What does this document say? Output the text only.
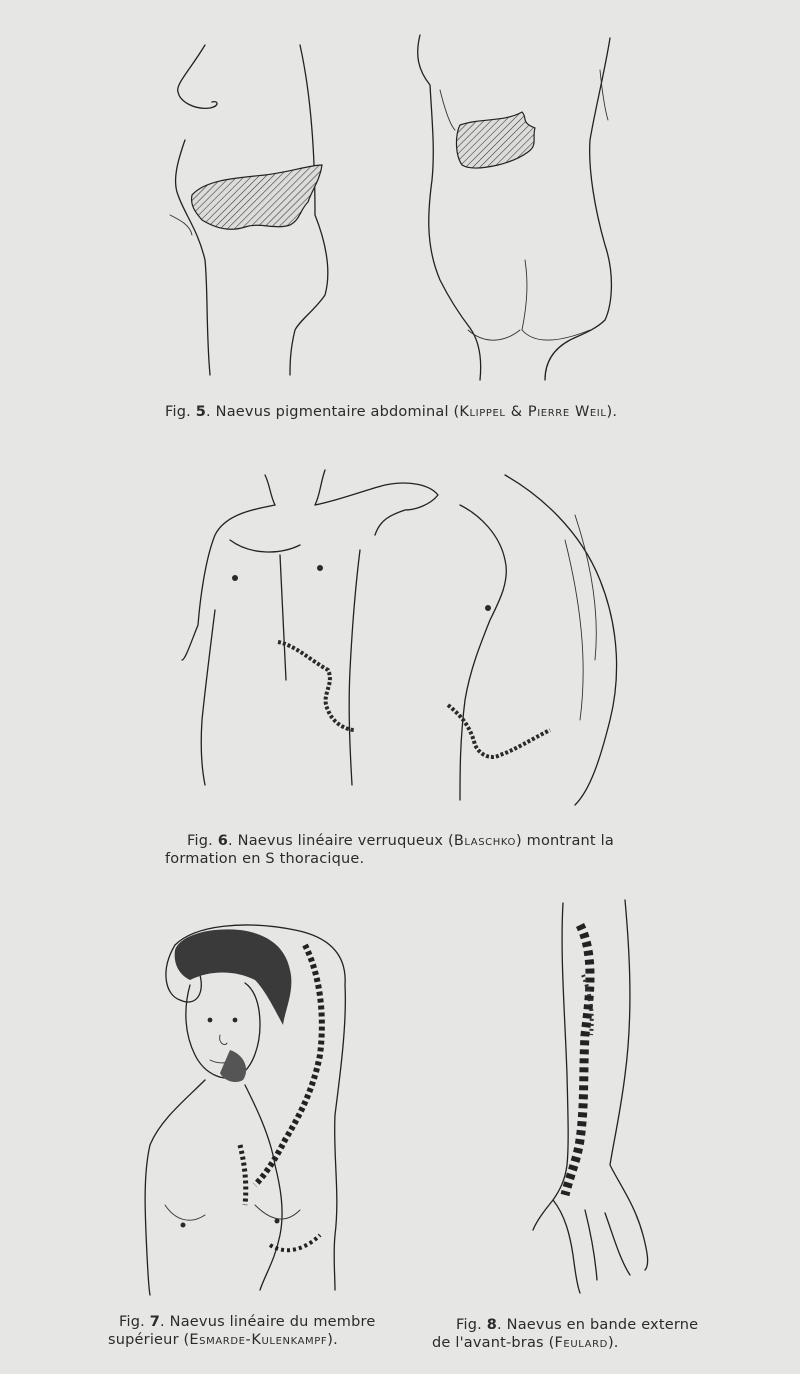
Fig. 5. Naevus pigmentaire abdominal (Klippel & Pierre Weil).
Fig. 6. Naevus linéaire verruqueux (Blaschko) montrant la
formation en S thoracique.
Fig. 7. Naevus linéaire du membre
supérieur (Esmarde-Kulenkampf).
Fig. 8. Naevus en bande externe
de l'avant-bras (Feulard).
